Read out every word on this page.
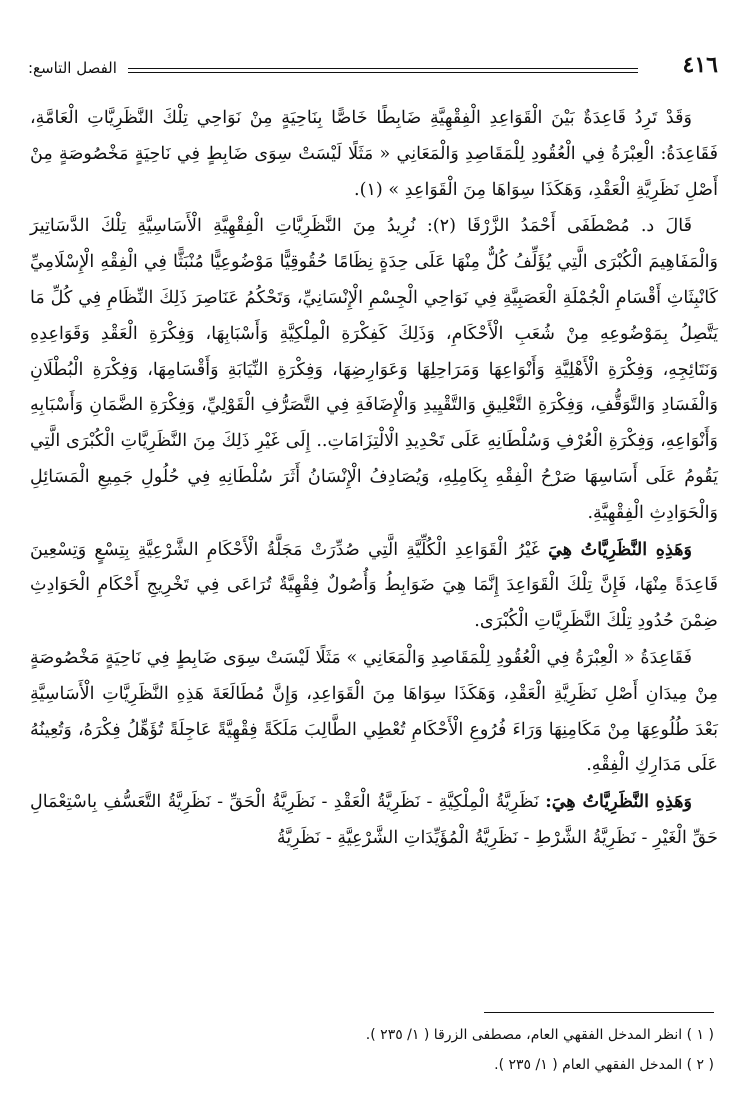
٤١٦
الفصل التاسع:

وَقَدْ تَرِدُ قَاعِدَةٌ بَيْنَ الْقَوَاعِدِ الْفِقْهِيَّةِ ضَابِطًا خَاصًّا بِنَاحِيَةٍ مِنْ نَوَاحِي تِلْكَ النَّظَرِيَّاتِ الْعَامَّةِ، فَقَاعِدَةُ: الْعِبْرَةُ فِي الْعُقُودِ لِلْمَقَاصِدِ وَالْمَعَانِي « مَثَلًا لَيْسَتْ سِوَى ضَابِطٍ فِي نَاحِيَةٍ مَخْصُوصَةٍ مِنْ أَصْلِ نَظَرِيَّةِ الْعَقْدِ، وَهَكَذَا سِوَاهَا مِنَ الْقَوَاعِدِ » (١).

قَالَ د. مُصْطَفَى أَحْمَدُ الزَّرْقَا (٢): نُرِيدُ مِنَ النَّظَرِيَّاتِ الْفِقْهِيَّةِ الْأَسَاسِيَّةِ تِلْكَ الدَّسَاتِيرَ وَالْمَفَاهِيمَ الْكُبْرَى الَّتِي يُؤَلِّفُ كُلٌّ مِنْهَا عَلَى حِدَةٍ نِظَامًا حُقُوقِيًّا مَوْضُوعِيًّا مُنْبَثًّا فِي الْفِقْهِ الْإِسْلَامِيِّ كَانْبِثَاثِ أَقْسَامِ الْجُمْلَةِ الْعَصَبِيَّةِ فِي نَوَاحِي الْجِسْمِ الْإِنْسَانِيِّ، وَتَحْكُمُ عَنَاصِرَ ذَلِكَ النِّظَامِ فِي كُلِّ مَا يَتَّصِلُ بِمَوْضُوعِهِ مِنْ شُعَبِ الْأَحْكَامِ، وَذَلِكَ كَفِكْرَةِ الْمِلْكِيَّةِ وَأَسْبَابِهَا، وَفِكْرَةِ الْعَقْدِ وَقَوَاعِدِهِ وَنَتَائِجِهِ، وَفِكْرَةِ الْأَهْلِيَّةِ وَأَنْوَاعِهَا وَمَرَاحِلِهَا وَعَوَارِضِهَا، وَفِكْرَةِ النِّيَابَةِ وَأَقْسَامِهَا، وَفِكْرَةِ الْبُطْلَانِ وَالْفَسَادِ وَالتَّوَقُّفِ، وَفِكْرَةِ التَّعْلِيقِ وَالتَّقْيِيدِ وَالْإِضَافَةِ فِي التَّصَرُّفِ الْقَوْلِيِّ، وَفِكْرَةِ الضَّمَانِ وَأَسْبَابِهِ وَأَنْوَاعِهِ، وَفِكْرَةِ الْعُرْفِ وَسُلْطَانِهِ عَلَى تَحْدِيدِ الْالْتِزَامَاتِ.. إِلَى غَيْرِ ذَلِكَ مِنَ النَّظَرِيَّاتِ الْكُبْرَى الَّتِي يَقُومُ عَلَى أَسَاسِهَا صَرْحُ الْفِقْهِ بِكَامِلِهِ، وَيُصَادِفُ الْإِنْسَانُ أَثَرَ سُلْطَانِهِ فِي حُلُولِ جَمِيعِ الْمَسَائِلِ وَالْحَوَادِثِ الْفِقْهِيَّةِ.

وَهَذِهِ النَّظَرِيَّاتُ هِيَ غَيْرُ الْقَوَاعِدِ الْكُلِّيَّةِ الَّتِي صُدِّرَتْ مَجَلَّةُ الْأَحْكَامِ الشَّرْعِيَّةِ بِتِسْعٍ وَتِسْعِينَ قَاعِدَةً مِنْهَا، فَإِنَّ تِلْكَ الْقَوَاعِدَ إِنَّمَا هِيَ ضَوَابِطُ وَأُصُولٌ فِقْهِيَّةٌ تُرَاعَى فِي تَخْرِيجِ أَحْكَامِ الْحَوَادِثِ ضِمْنَ حُدُودِ تِلْكَ النَّظَرِيَّاتِ الْكُبْرَى.

فَقَاعِدَةُ « الْعِبْرَةُ فِي الْعُقُودِ لِلْمَقَاصِدِ وَالْمَعَانِي » مَثَلًا لَيْسَتْ سِوَى ضَابِطٍ فِي نَاحِيَةٍ مَخْصُوصَةٍ مِنْ مِيدَانِ أَصْلِ نَظَرِيَّةِ الْعَقْدِ، وَهَكَذَا سِوَاهَا مِنَ الْقَوَاعِدِ، وَإِنَّ مُطَالَعَةَ هَذِهِ النَّظَرِيَّاتِ الْأَسَاسِيَّةِ بَعْدَ طُلُوعِهَا مِنْ مَكَامِنِهَا وَرَاءَ فُرُوعِ الْأَحْكَامِ تُعْطِي الطَّالِبَ مَلَكَةً فِقْهِيَّةً عَاجِلَةً تُؤَهِّلُ فِكْرَهُ، وَتُعِينُهُ عَلَى مَدَارِكِ الْفِقْهِ.

وَهَذِهِ النَّظَرِيَّاتُ هِيَ: نَظَرِيَّةُ الْمِلْكِيَّةِ - نَظَرِيَّةُ الْعَقْدِ - نَظَرِيَّةُ الْحَقِّ - نَظَرِيَّةُ التَّعَسُّفِ بِاسْتِعْمَالِ حَقِّ الْغَيْرِ - نَظَرِيَّةُ الشَّرْطِ - نَظَرِيَّةُ الْمُؤَيِّدَاتِ الشَّرْعِيَّةِ - نَظَرِيَّةُ

( ١ ) انظر المدخل الفقهي العام، مصطفى الزرقا ( ١/ ٢٣٥ ).

( ٢ ) المدخل الفقهي العام ( ١/ ٢٣٥ ).
